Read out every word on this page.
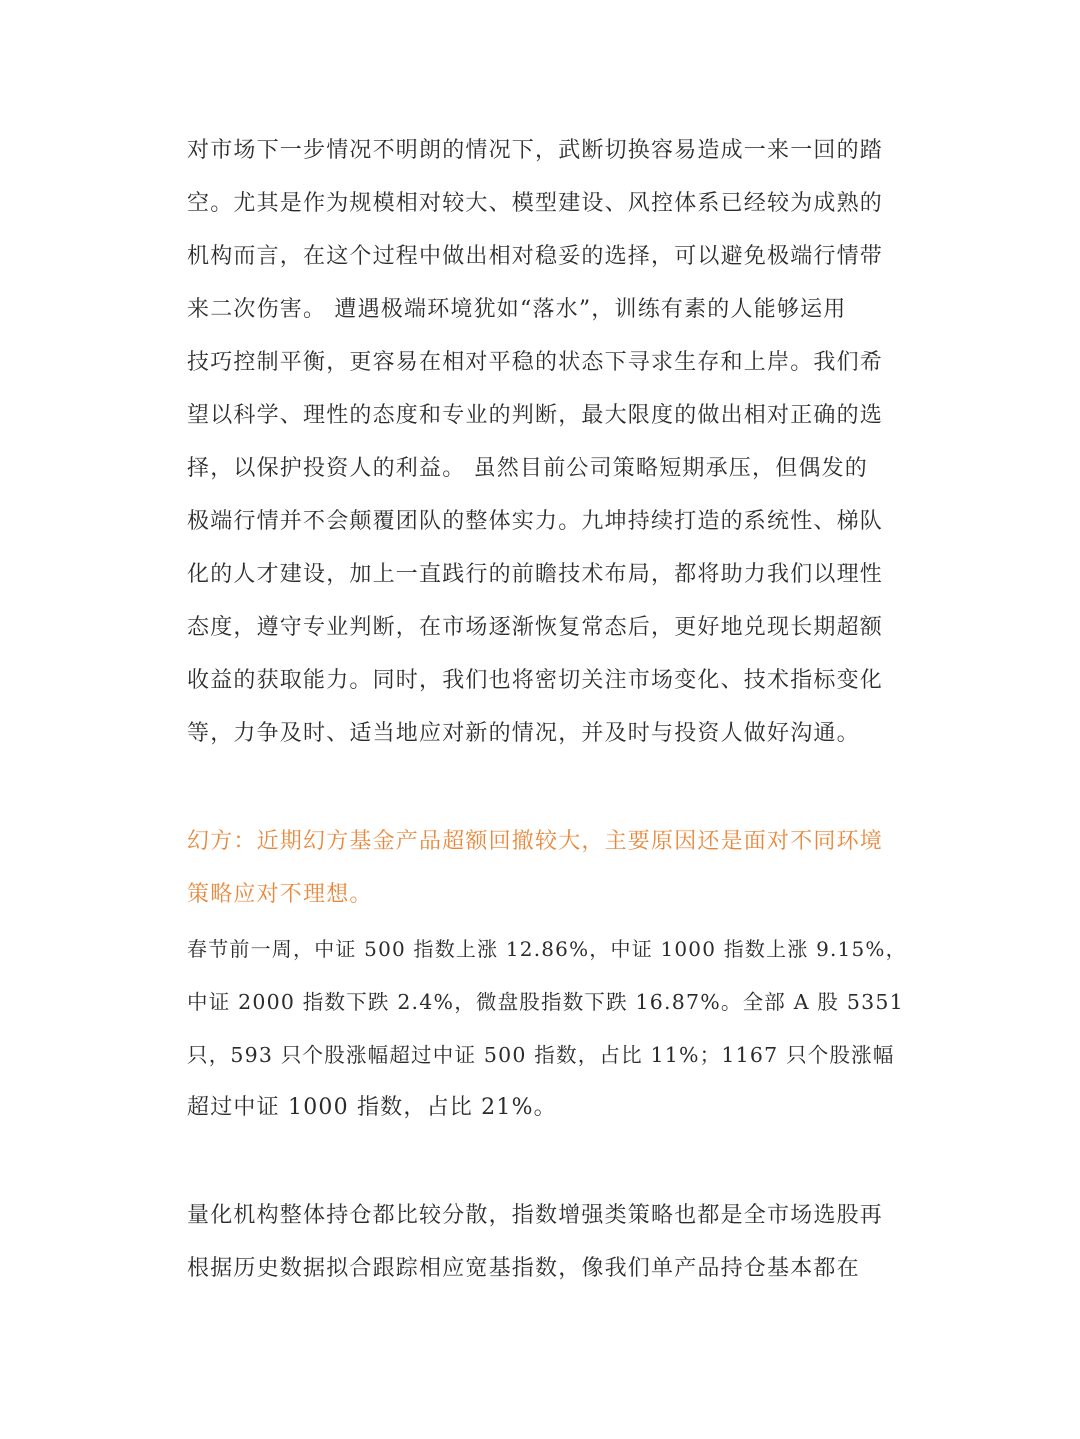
对市场下一步情况不明朗的情况下，武断切换容易造成一来一回的踏
空。尤其是作为规模相对较大、模型建设、风控体系已经较为成熟的
机构而言，在这个过程中做出相对稳妥的选择，可以避免极端行情带
来二次伤害。 遭遇极端环境犹如“落水”，训练有素的人能够运用
技巧控制平衡，更容易在相对平稳的状态下寻求生存和上岸。我们希
望以科学、理性的态度和专业的判断，最大限度的做出相对正确的选
择，以保护投资人的利益。 虽然目前公司策略短期承压，但偶发的
极端行情并不会颠覆团队的整体实力。九坤持续打造的系统性、梯队
化的人才建设，加上一直践行的前瞻技术布局，都将助力我们以理性
态度，遵守专业判断，在市场逐渐恢复常态后，更好地兑现长期超额
收益的获取能力。同时，我们也将密切关注市场变化、技术指标变化
等，力争及时、适当地应对新的情况，并及时与投资人做好沟通。
幻方：近期幻方基金产品超额回撤较大，主要原因还是面对不同环境
策略应对不理想。
春节前一周，中证 500 指数上涨 12.86%，中证 1000 指数上涨 9.15%，
中证 2000 指数下跌 2.4%，微盘股指数下跌 16.87%。全部 A 股 5351
只，593 只个股涨幅超过中证 500 指数，占比 11%；1167 只个股涨幅
超过中证 1000 指数，占比 21%。
量化机构整体持仓都比较分散，指数增强类策略也都是全市场选股再
根据历史数据拟合跟踪相应宽基指数，像我们单产品持仓基本都在
